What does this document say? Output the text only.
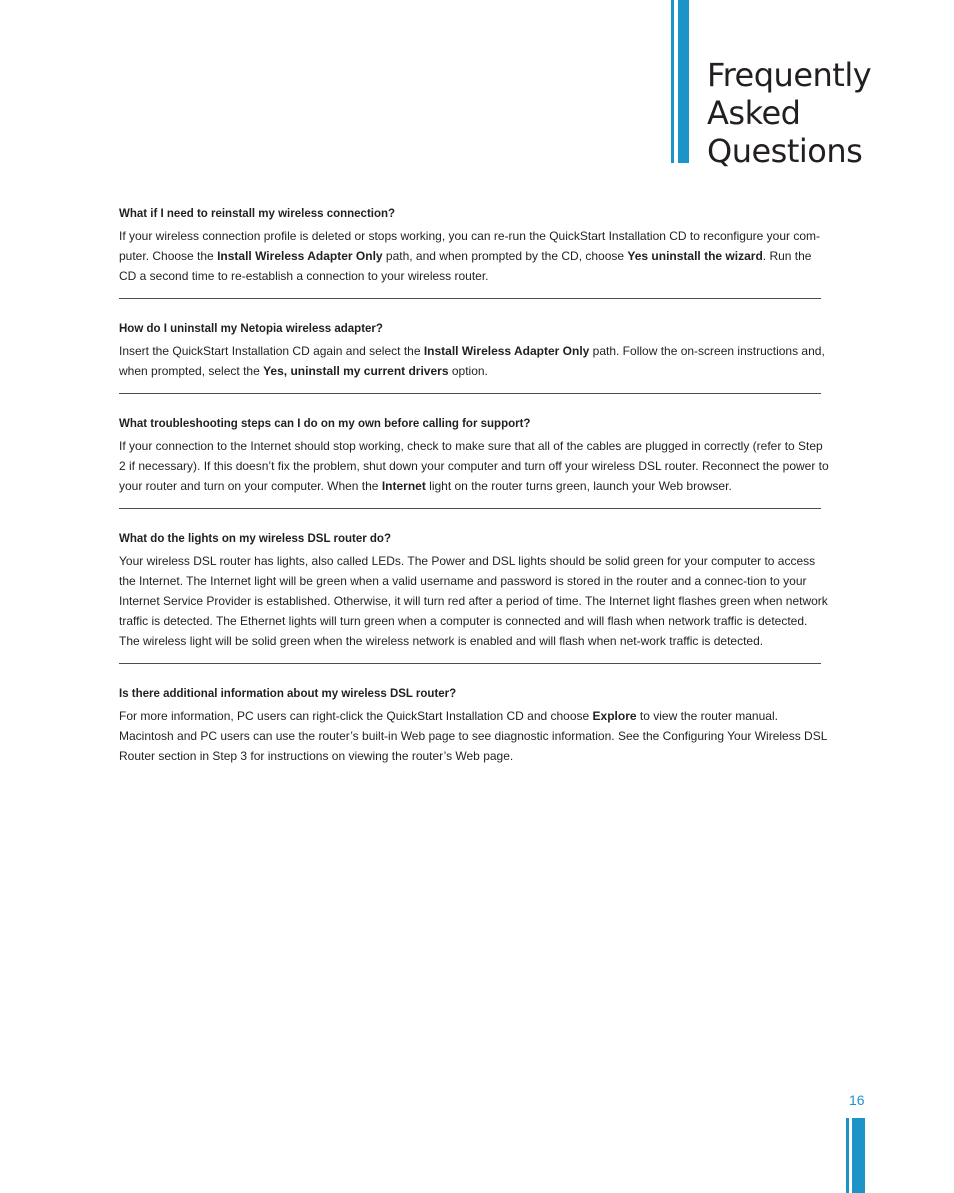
Frequently
Asked
Questions

What if I need to reinstall my wireless connection?

If your wireless connection profile is deleted or stops working, you can re-run the QuickStart Installation CD to reconfigure your com-puter. Choose the Install Wireless Adapter Only path, and when prompted by the CD, choose Yes uninstall the wizard. Run the CD a second time to re-establish a connection to your wireless router.

How do I uninstall my Netopia wireless adapter?

Insert the QuickStart Installation CD again and select the Install Wireless Adapter Only path. Follow the on-screen instructions and, when prompted, select the Yes, uninstall my current drivers option.

What troubleshooting steps can I do on my own before calling for support?

If your connection to the Internet should stop working, check to make sure that all of the cables are plugged in correctly (refer to Step 2 if necessary). If this doesn’t fix the problem, shut down your computer and turn off your wireless DSL router. Reconnect the power to your router and turn on your computer. When the Internet light on the router turns green, launch your Web browser.

What do the lights on my wireless DSL router do?

Your wireless DSL router has lights, also called LEDs. The Power and DSL lights should be solid green for your computer to access the Internet. The Internet light will be green when a valid username and password is stored in the router and a connec-tion to your Internet Service Provider is established. Otherwise, it will turn red after a period of time. The Internet light flashes green when network traffic is detected. The Ethernet lights will turn green when a computer is connected and will flash when network traffic is detected. The wireless light will be solid green when the wireless network is enabled and will flash when net-work traffic is detected.

Is there additional information about my wireless DSL router?

For more information, PC users can right-click the QuickStart Installation CD and choose Explore to view the router manual. Macintosh and PC users can use the router’s built-in Web page to see diagnostic information. See the Configuring Your Wireless DSL Router section in Step 3 for instructions on viewing the router’s Web page.

16
